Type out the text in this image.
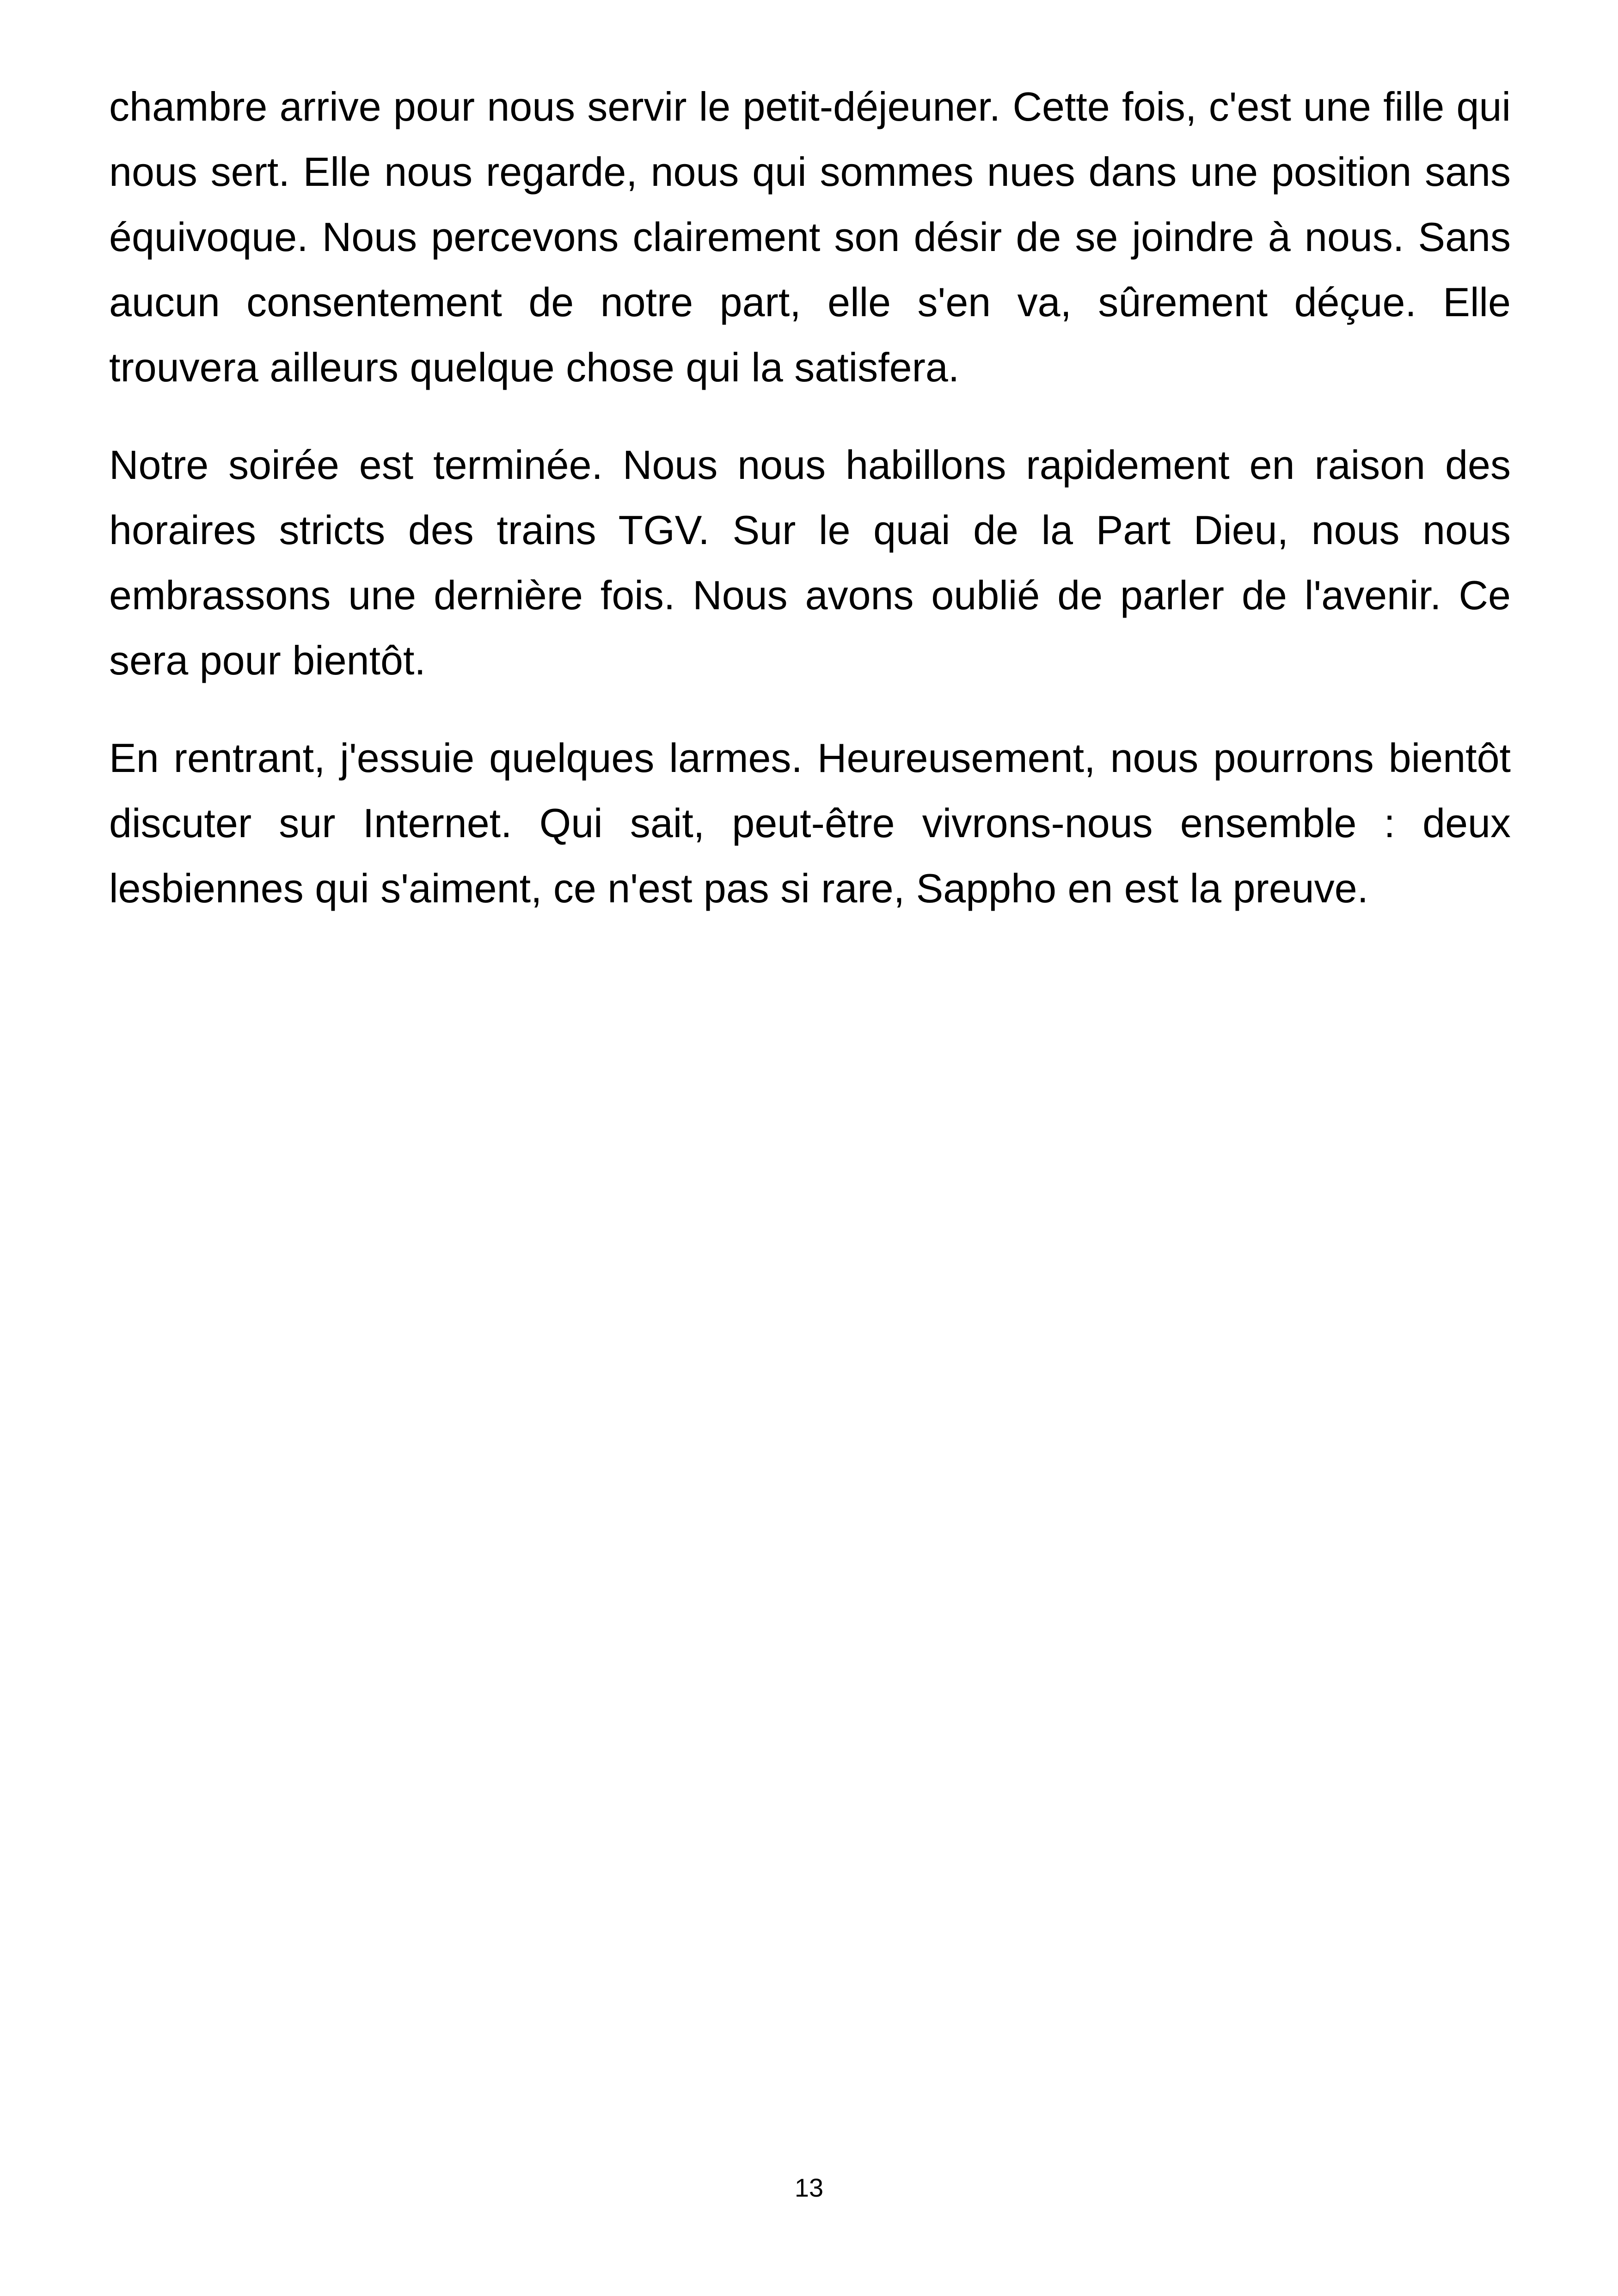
chambre arrive pour nous servir le petit-déjeuner. Cette fois, c'est une fille qui nous sert. Elle nous regarde, nous qui sommes nues dans une position sans équivoque. Nous percevons clairement son désir de se joindre à nous. Sans aucun consentement de notre part, elle s'en va, sûrement déçue. Elle trouvera ailleurs quelque chose qui la satisfera.

Notre soirée est terminée. Nous nous habillons rapidement en raison des horaires stricts des trains TGV. Sur le quai de la Part Dieu, nous nous embrassons une dernière fois. Nous avons oublié de parler de l'avenir. Ce sera pour bientôt.

En rentrant, j'essuie quelques larmes. Heureusement, nous pourrons bientôt discuter sur Internet. Qui sait, peut-être vivrons-nous ensemble : deux lesbiennes qui s'aiment, ce n'est pas si rare, Sappho en est la preuve.

13
